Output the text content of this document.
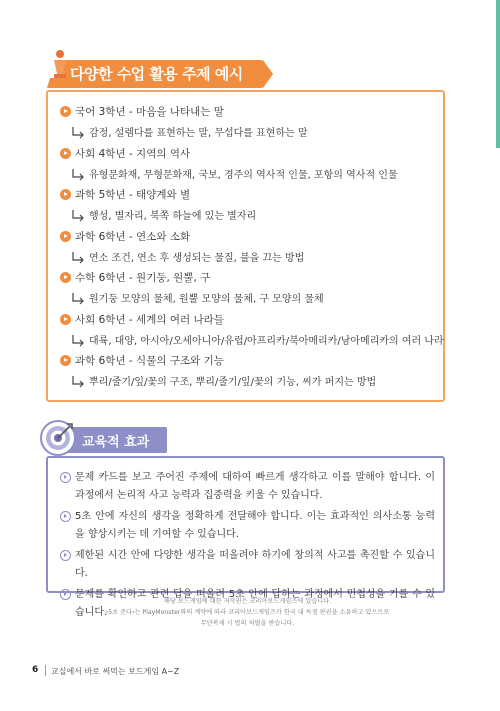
다양한 수업 활용 주제 예시
국어 3학년 - 마음을 나타내는 말
감정, 설렘다를 표현하는 말, 무섭다를 표현하는 말
사회 4학년 - 지역의 역사
유형문화재, 무형문화재, 국보, 경주의 역사적 인물, 포항의 역사적 인물
과학 5학년 - 태양계와 별
행성, 별자리, 북쪽 하늘에 있는 별자리
과학 6학년 - 연소와 소화
연소 조건, 연소 후 생성되는 물질, 불을 끄는 방법
수학 6학년 - 원기둥, 원뿔, 구
원기둥 모양의 물체, 원뿔 모양의 물체, 구 모양의 물체
사회 6학년 - 세계의 여러 나라들
대륙, 대양, 아시아/오세아니아/유럽/아프리카/북아메리카/남아메리카의 여러 나라
과학 6학년 - 식물의 구조와 기능
뿌리/줄기/잎/꽃의 구조, 뿌리/줄기/잎/꽃의 기능, 씨가 퍼지는 방법
교육적 효과
문제 카드를 보고 주어진 주제에 대하여 빠르게 생각하고 이를 말해야 합니다. 이 과정에서 논리적 사고 능력과 집중력을 키울 수 있습니다.
5초 안에 자신의 생각을 정확하게 전달해야 합니다. 이는 효과적인 의사소통 능력을 향상시키는 데 기여할 수 있습니다.
제한된 시간 안에 다양한 생각을 떠올려야 하기에 창의적 사고를 촉진할 수 있습니다.
문제를 확인하고 관련 답을 떠올려 5초 안에 답하는 과정에서 민첩성을 기를 수 있습니다.
해당 보드게임에 대한 저작권은 코리아보드게임즈에 있습니다.
‹5초 준다›는 PlayMonster와의 계약에 따라 코리아보드게임즈가 한국 내 독점 판권을 소유하고 있으므로
무단복제 시 법의 처벌을 받습니다.
6 교실에서 바로 써먹는 보드게임 A~Z
